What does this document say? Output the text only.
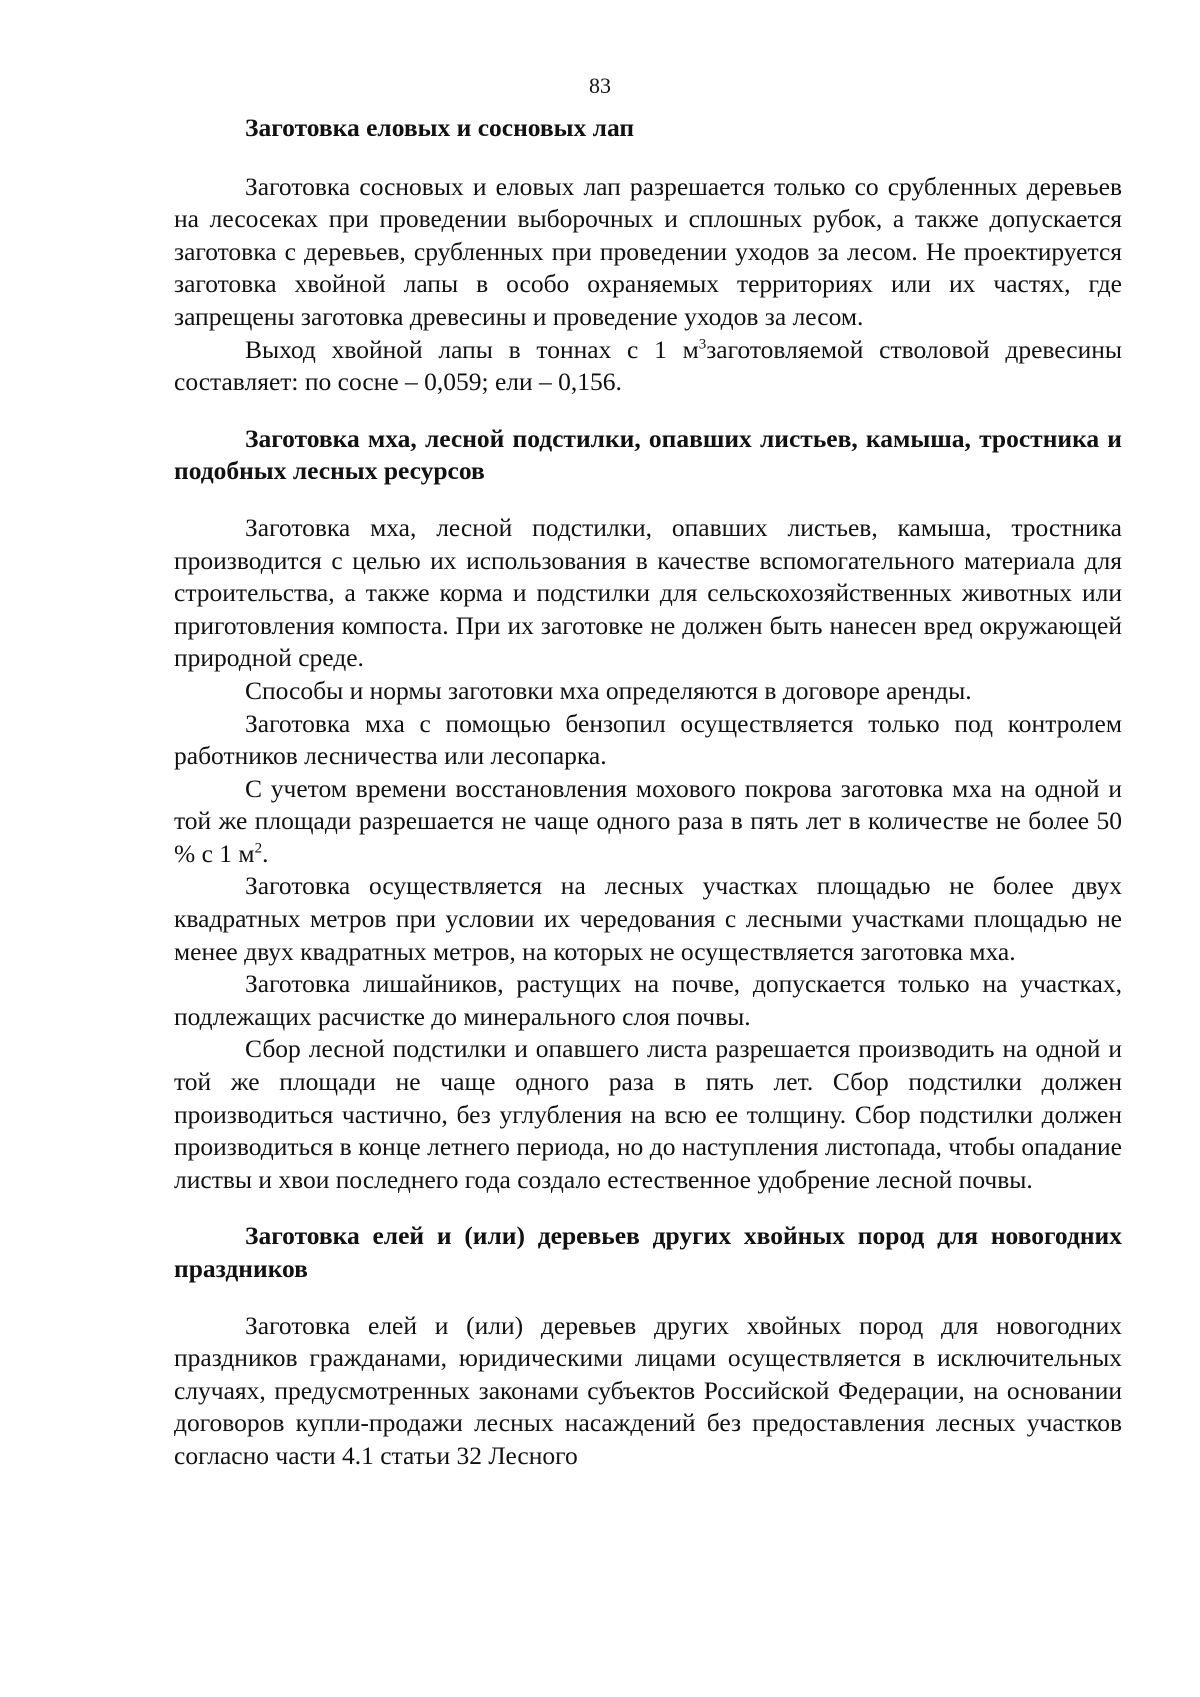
83

Заготовка еловых и сосновых лап

Заготовка сосновых и еловых лап разрешается только со срубленных деревьев на лесосеках при проведении выборочных и сплошных рубок, а также допускается заготовка с деревьев, срубленных при проведении уходов за лесом. Не проектируется заготовка хвойной лапы в особо охраняемых территориях или их частях, где запрещены заготовка древесины и проведение уходов за лесом.

Выход хвойной лапы в тоннах с 1 $м^3заготовляемой$ стволовой древесины составляет: по сосне – 0,059; ели – 0,156.

Заготовка мха, лесной подстилки, опавших листьев, камыша, тростника и подобных лесных ресурсов

Заготовка мха, лесной подстилки, опавших листьев, камыша, тростника производится с целью их использования в качестве вспомогательного материала для строительства, а также корма и подстилки для сельскохозяйственных животных или приготовления компоста. При их заготовке не должен быть нанесен вред окружающей природной среде.

Способы и нормы заготовки мха определяются в договоре аренды.

Заготовка мха с помощью бензопил осуществляется только под контролем работников лесничества или лесопарка.

С учетом времени восстановления мохового покрова заготовка мха на одной и той же площади разрешается не чаще одного раза в пять лет в количестве не более 50 % с 1 $м^2$.

Заготовка осуществляется на лесных участках площадью не более двух квадратных метров при условии их чередования с лесными участками площадью не менее двух квадратных метров, на которых не осуществляется заготовка мха.

Заготовка лишайников, растущих на почве, допускается только на участках, подлежащих расчистке до минерального слоя почвы.

Сбор лесной подстилки и опавшего листа разрешается производить на одной и той же площади не чаще одного раза в пять лет. Сбор подстилки должен производиться частично, без углубления на всю ее толщину. Сбор подстилки должен производиться в конце летнего периода, но до наступления листопада, чтобы опадание листвы и хвои последнего года создало естественное удобрение лесной почвы.

Заготовка елей и (или) деревьев других хвойных пород для новогодних праздников

Заготовка елей и (или) деревьев других хвойных пород для новогодних праздников гражданами, юридическими лицами осуществляется в исключительных случаях, предусмотренных законами субъектов Российской Федерации, на основании договоров купли-продажи лесных насаждений без предоставления лесных участков согласно части 4.1 статьи 32 Лесного
